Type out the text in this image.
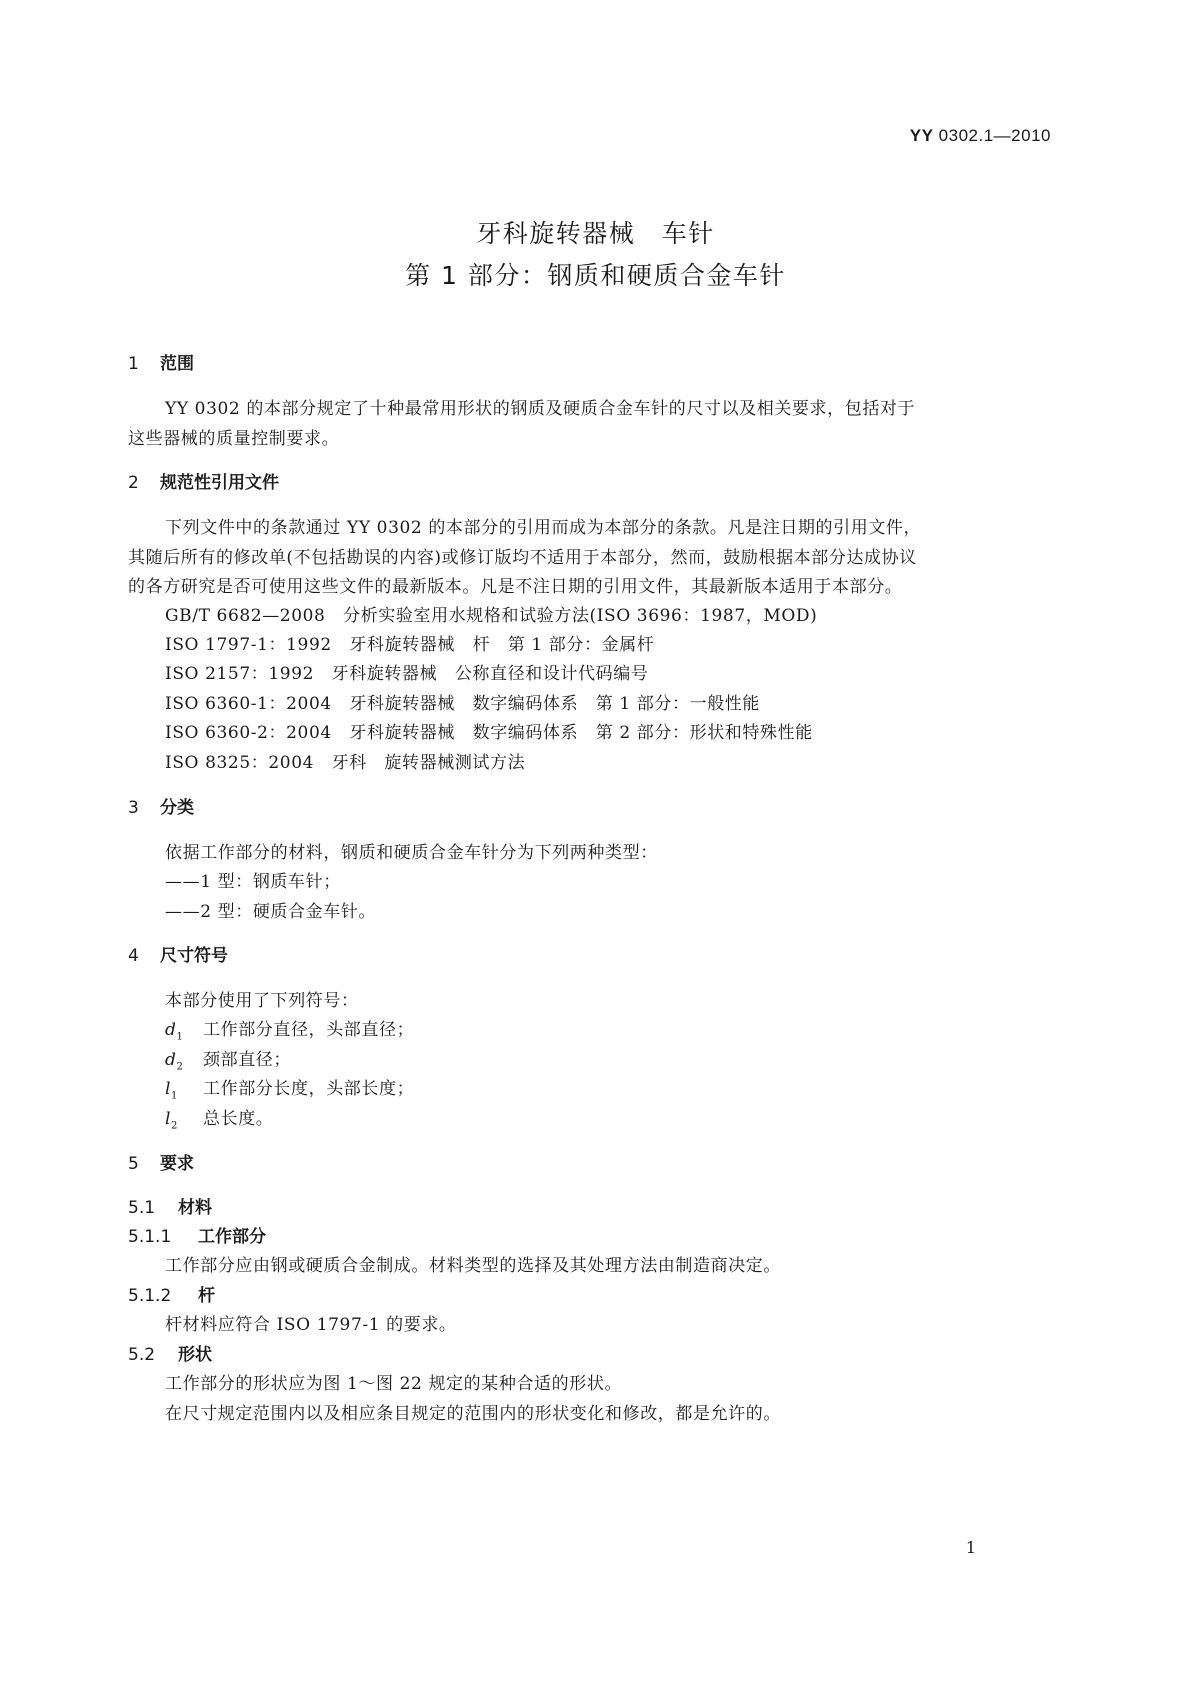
YY 0302.1—2010
牙科旋转器械　车针
第 1 部分：钢质和硬质合金车针
1 范围
YY 0302 的本部分规定了十种最常用形状的钢质及硬质合金车针的尺寸以及相关要求，包括对于
这些器械的质量控制要求。
2 规范性引用文件
下列文件中的条款通过 YY 0302 的本部分的引用而成为本部分的条款。凡是注日期的引用文件，
其随后所有的修改单(不包括勘误的内容)或修订版均不适用于本部分，然而，鼓励根据本部分达成协议
的各方研究是否可使用这些文件的最新版本。凡是不注日期的引用文件，其最新版本适用于本部分。
GB/T 6682—2008　分析实验室用水规格和试验方法(ISO 3696：1987，MOD)
ISO 1797-1：1992　牙科旋转器械　杆　第 1 部分：金属杆
ISO 2157：1992　牙科旋转器械　公称直径和设计代码编号
ISO 6360-1：2004　牙科旋转器械　数字编码体系　第 1 部分：一般性能
ISO 6360-2：2004　牙科旋转器械　数字编码体系　第 2 部分：形状和特殊性能
ISO 8325：2004　牙科　旋转器械测试方法
3 分类
依据工作部分的材料，钢质和硬质合金车针分为下列两种类型：
——1 型：钢质车针；
——2 型：硬质合金车针。
4 尺寸符号
本部分使用了下列符号：
$d_1$ 工作部分直径，头部直径；
$d_2$ 颈部直径；
$l_1$ 工作部分长度，头部长度；
$l_2$ 总长度。
5 要求
5.1 材料
5.1.1 工作部分
工作部分应由钢或硬质合金制成。材料类型的选择及其处理方法由制造商决定。
5.1.2 杆
杆材料应符合 ISO 1797-1 的要求。
5.2 形状
工作部分的形状应为图 1～图 22 规定的某种合适的形状。
在尺寸规定范围内以及相应条目规定的范围内的形状变化和修改，都是允许的。
1
